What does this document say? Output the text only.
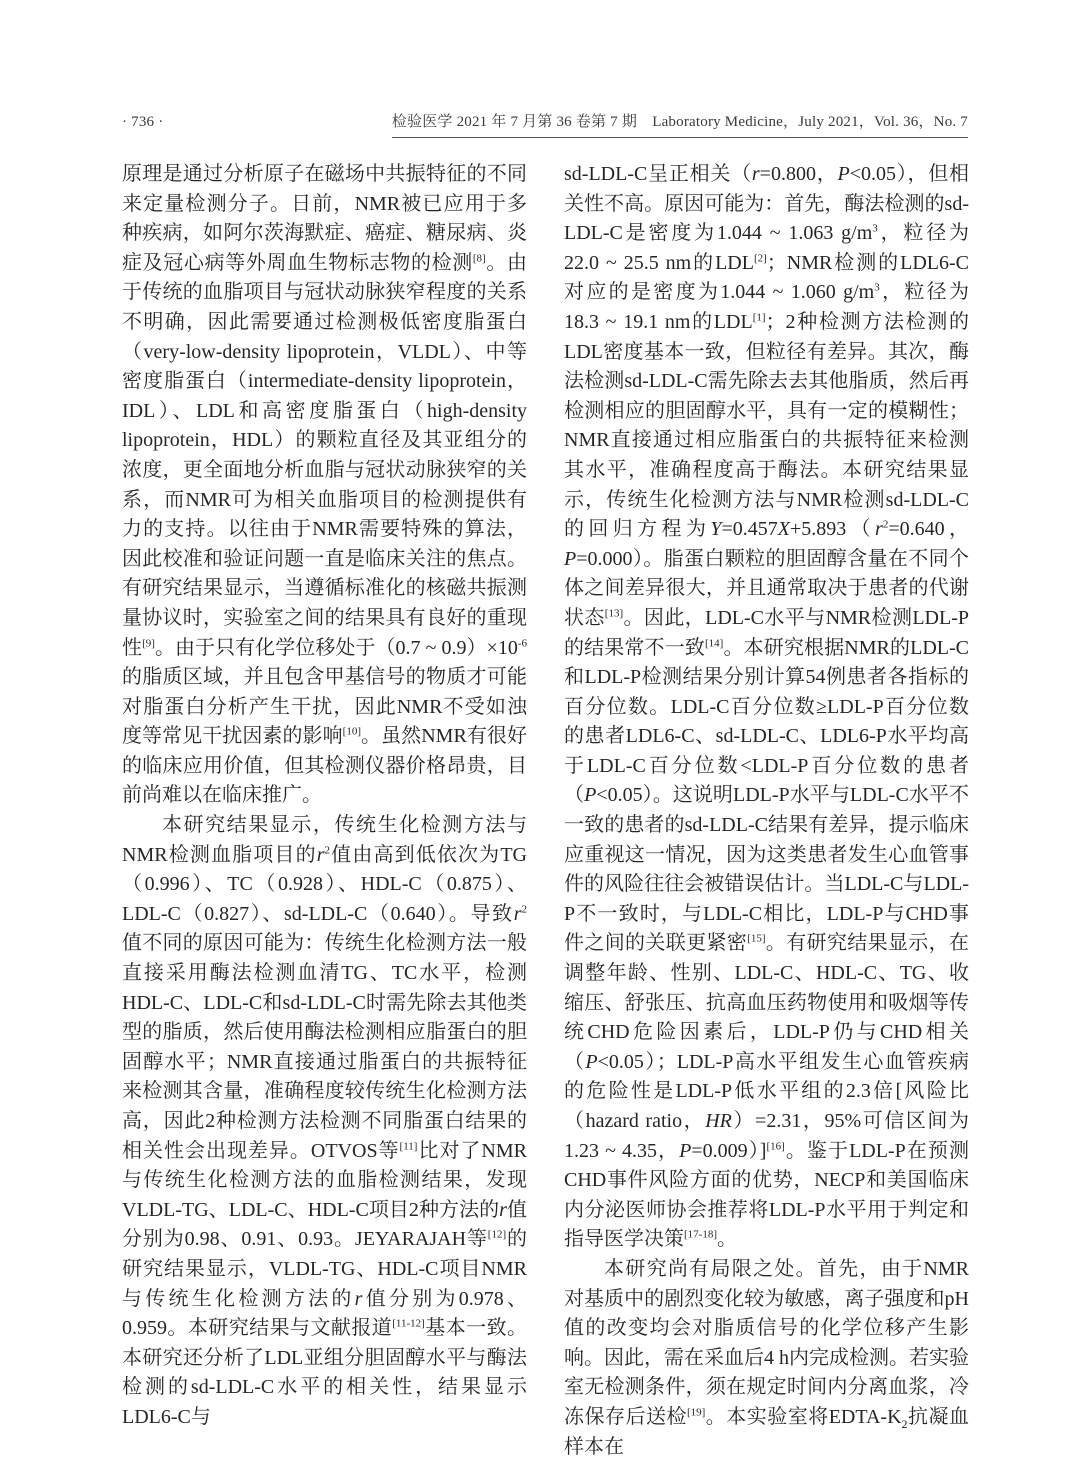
· 736 ·	检验医学 2021 年 7 月第 36 卷第 7 期　Laboratory Medicine，July 2021，Vol. 36，No. 7

原理是通过分析原子在磁场中共振特征的不同来定量检测分子。日前，NMR被已应用于多种疾病，如阿尔茨海默症、癌症、糖尿病、炎症及冠心病等外周血生物标志物的检测[8]。由于传统的血脂项目与冠状动脉狭窄程度的关系不明确，因此需要通过检测极低密度脂蛋白（very-low-density lipoprotein，VLDL）、中等密度脂蛋白（intermediate-density lipoprotein，IDL）、LDL和高密度脂蛋白（high-density lipoprotein，HDL）的颗粒直径及其亚组分的浓度，更全面地分析血脂与冠状动脉狭窄的关系，而NMR可为相关血脂项目的检测提供有力的支持。以往由于NMR需要特殊的算法，因此校准和验证问题一直是临床关注的焦点。有研究结果显示，当遵循标准化的核磁共振测量协议时，实验室之间的结果具有良好的重现性[9]。由于只有化学位移处于（0.7 ~ $0.9)\times 10^{-6}$的脂质区域，并且包含甲基信号的物质才可能对脂蛋白分析产生干扰，因此NMR不受如浊度等常见干扰因素的影响[10]。虽然NMR有很好的临床应用价值，但其检测仪器价格昂贵，目前尚难以在临床推广。

本研究结果显示，传统生化检测方法与NMR检测血脂项目的$r^2$值由高到低依次为TG（0.996）、TC（0.928）、HDL-C（0.875）、LDL-C（0.827）、sd-LDL-C（0.640）。导致$r^2$值不同的原因可能为：传统生化检测方法一般直接采用酶法检测血清TG、TC水平，检测HDL-C、LDL-C和sd-LDL-C时需先除去其他类型的脂质，然后使用酶法检测相应脂蛋白的胆固醇水平；NMR直接通过脂蛋白的共振特征来检测其含量，准确程度较传统生化检测方法高，因此2种检测方法检测不同脂蛋白结果的相关性会出现差异。OTVOS等[11]比对了NMR与传统生化检测方法的血脂检测结果，发现VLDL-TG、LDL-C、HDL-C项目2种方法的r值分别为0.98、0.91、0.93。JEYARAJAH等[12]的研究结果显示，VLDL-TG、HDL-C项目NMR与传统生化检测方法的r值分别为0.978、0.959。本研究结果与文献报道[11-12]基本一致。本研究还分析了LDL亚组分胆固醇水平与酶法检测的sd-LDL-C水平的相关性，结果显示LDL6-C与

sd-LDL-C呈正相关（r=0.800，P<0.05），但相关性不高。原因可能为：首先，酶法检测的sd-LDL-C是密度为1.044 ~ 1.063 $g/m^3$，粒径为22.0 ~ 25.5 nm的LDL[2]；NMR检测的LDL6-C对应的是密度为1.044 ~ 1.060 $g/m^3$，粒径为18.3 ~ 19.1 nm的LDL[1]；2种检测方法检测的LDL密度基本一致，但粒径有差异。其次，酶法检测sd-LDL-C需先除去去其他脂质，然后再检测相应的胆固醇水平，具有一定的模糊性；NMR直接通过相应脂蛋白的共振特征来检测其水平，准确程度高于酶法。本研究结果显示，传统生化检测方法与NMR检测sd-LDL-C的回归方程为$Y=0.457X+5.893(r^2=0.640$，P=0.000）。脂蛋白颗粒的胆固醇含量在不同个体之间差异很大，并且通常取决于患者的代谢状态[13]。因此，LDL-C水平与NMR检测LDL-P的结果常不一致[14]。本研究根据NMR的LDL-C和LDL-P检测结果分别计算54例患者各指标的百分位数。LDL-C百分位数≥LDL-P百分位数的患者LDL6-C、sd-LDL-C、LDL6-P水平均高于LDL-C百分位数<LDL-P百分位数的患者（P<0.05）。这说明LDL-P水平与LDL-C水平不一致的患者的sd-LDL-C结果有差异，提示临床应重视这一情况，因为这类患者发生心血管事件的风险往往会被错误估计。当LDL-C与LDL-P不一致时，与LDL-C相比，LDL-P与CHD事件之间的关联更紧密[15]。有研究结果显示，在调整年龄、性别、LDL-C、HDL-C、TG、收缩压、舒张压、抗高血压药物使用和吸烟等传统CHD危险因素后，LDL-P仍与CHD相关（P<0.05）；LDL-P高水平组发生心血管疾病的危险性是LDL-P低水平组的2.3倍[风险比（hazard ratio，HR）=2.31，95%可信区间为1.23 ~ 4.35，P=0.009）][16]。鉴于LDL-P在预测CHD事件风险方面的优势，NECP和美国临床内分泌医师协会推荐将LDL-P水平用于判定和指导医学决策[17-18]。

本研究尚有局限之处。首先，由于NMR对基质中的剧烈变化较为敏感，离子强度和pH值的改变均会对脂质信号的化学位移产生影响。因此，需在采血后4 h内完成检测。若实验室无检测条件，须在规定时间内分离血浆，冷冻保存后送检[19]。本实验室将EDTA-$K_2$抗凝血样本在
